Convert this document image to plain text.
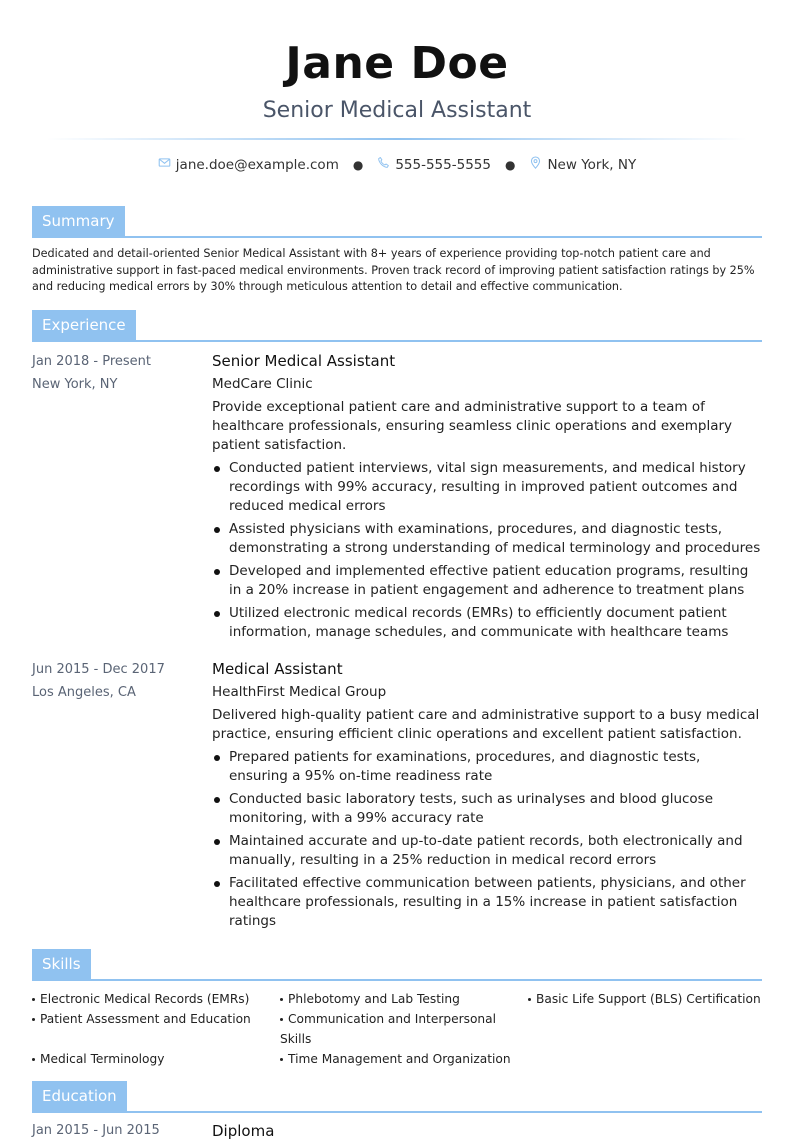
Jane Doe
Senior Medical Assistant
jane.doe@example.com ● 555-555-5555 ● New York, NY
Summary
Dedicated and detail-oriented Senior Medical Assistant with 8+ years of experience providing top-notch patient care and administrative support in fast-paced medical environments. Proven track record of improving patient satisfaction ratings by 25% and reducing medical errors by 30% through meticulous attention to detail and effective communication.
Experience
Jan 2018 - Present
New York, NY
Senior Medical Assistant
MedCare Clinic
Provide exceptional patient care and administrative support to a team of healthcare professionals, ensuring seamless clinic operations and exemplary patient satisfaction.
Conducted patient interviews, vital sign measurements, and medical history recordings with 99% accuracy, resulting in improved patient outcomes and reduced medical errors
Assisted physicians with examinations, procedures, and diagnostic tests, demonstrating a strong understanding of medical terminology and procedures
Developed and implemented effective patient education programs, resulting in a 20% increase in patient engagement and adherence to treatment plans
Utilized electronic medical records (EMRs) to efficiently document patient information, manage schedules, and communicate with healthcare teams
Jun 2015 - Dec 2017
Los Angeles, CA
Medical Assistant
HealthFirst Medical Group
Delivered high-quality patient care and administrative support to a busy medical practice, ensuring efficient clinic operations and excellent patient satisfaction.
Prepared patients for examinations, procedures, and diagnostic tests, ensuring a 95% on-time readiness rate
Conducted basic laboratory tests, such as urinalyses and blood glucose monitoring, with a 99% accuracy rate
Maintained accurate and up-to-date patient records, both electronically and manually, resulting in a 25% reduction in medical record errors
Facilitated effective communication between patients, physicians, and other healthcare professionals, resulting in a 15% increase in patient satisfaction ratings
Skills
Electronic Medical Records (EMRs)	Phlebotomy and Lab Testing	Basic Life Support (BLS) Certification
Patient Assessment and Education	Communication and Interpersonal Skills
Medical Terminology	Time Management and Organization
Education
Jan 2015 - Jun 2015	Diploma
